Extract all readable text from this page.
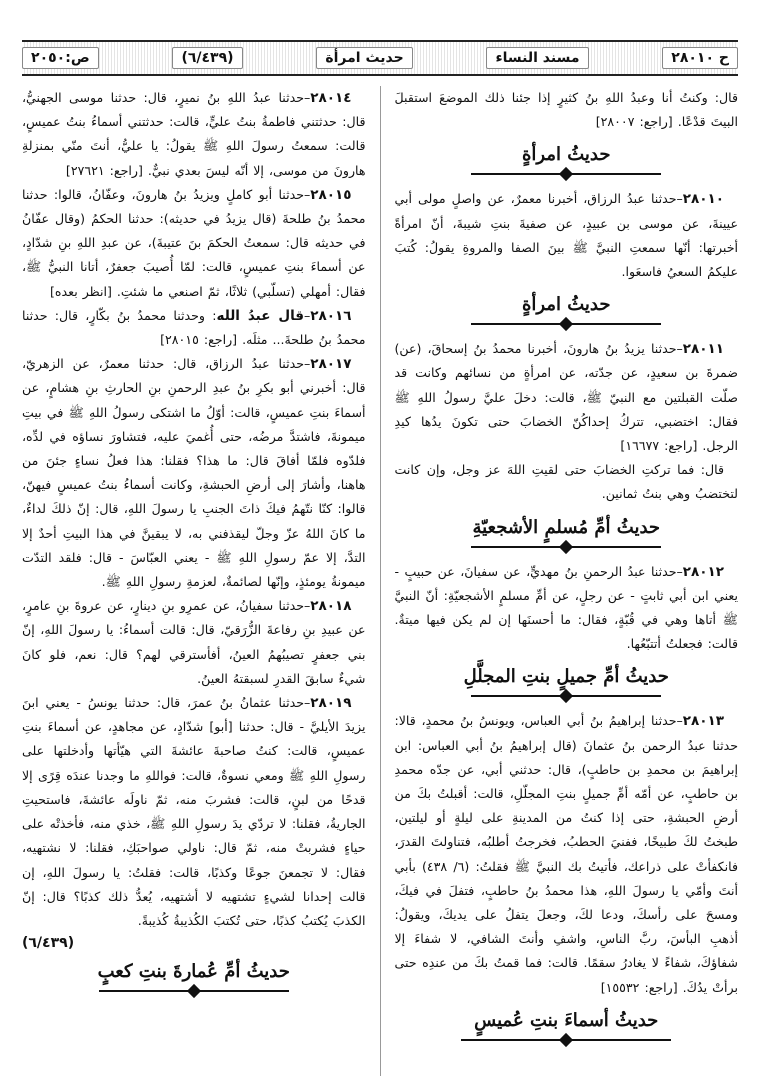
ح ٢٨٠١٠
مسند النساء
حديث امرأة
(٦/٤٣٩)
ص:٢٠٥٠

قال: وكنتُ أنا وعبدُ اللهِ بنُ كثيرٍ إذا جئنا ذلك الموضعَ استقبلَ البيتَ قدْعًا. [راجع: ٢٨٠٠٧]

حديثُ امرأةٍ

٢٨٠١٠–حدثنا عبدُ الرزاق، أخبرنا معمرٌ، عن واصلٍ مولى أبي عيينةَ، عن موسى بن عبيدٍ، عن صفيةَ بنتِ شيبةَ، أنّ امرأةً أخبرتها: أنّها سمعتِ النبيَّ ﷺ بينَ الصفا والمروةِ يقولُ: كُتبَ عليكمُ السعيُ فاسعَوا.

حديثُ امرأةٍ

٢٨٠١١–حدثنا يزيدُ بنُ هارونَ، أخبرنا محمدُ بنُ إسحاقَ، (عن) ضمرةَ بن سعيدٍ، عن جدّته، عن امرأةٍ من نسائهم وكانت قد صلّت القبلتين مع النبيّ ﷺ، قالت: دخلَ عليَّ رسولُ اللهِ ﷺ فقال: اختضبي، تتركُ إحداكُنّ الخضابَ حتى تكونَ يدُها كيدِ الرجل. [راجع: ١٦٦٧٧]

قال: فما تركتِ الخضابَ حتى لقيتِ اللهَ عز وجل، وإن كانت لتختضبُ وهي بنتُ ثمانين.

حديثُ أمِّ مُسلمٍ الأشجعيّةِ

٢٨٠١٢–حدثنا عبدُ الرحمنِ بنُ مهديٍّ، عن سفيانَ، عن حبيبٍ - يعني ابن أبي ثابتٍ - عن رجلٍ، عن أمِّ مسلمٍ الأشجعيّةِ: أنّ النبيَّ ﷺ أتاها وهي في قُبّةٍ، فقال: ما أحسنَها إن لم يكن فيها ميتةٌ. قالت: فجعلتُ أتتبّعُها.

حديثُ أمِّ جميلٍ بنتِ المجلَّلِ

٢٨٠١٣–حدثنا إبراهيمُ بنُ أبي العباس، ويونسُ بنُ محمدٍ، قالا: حدثنا عبدُ الرحمن بنُ عثمانَ (قال إبراهيمُ بنُ أبي العباس: ابن إبراهيمَ بن محمدِ بن حاطبٍ)، قال: حدثني أبي، عن جدّه محمدِ بن حاطبٍ، عن أمّه أمِّ جميلٍ بنتِ المجلّلِ، قالت: أقبلتُ بكَ من أرضِ الحبشةِ، حتى إذا كنتُ من المدينةِ على ليلةٍ أو ليلتين، طبختُ لكَ طبيخًا، ففنيَ الحطبُ، فخرجتُ أطلبُه، فتناولتَ القدرَ، فانكفأتْ على ذراعك، فأتيتُ بك النبيَّ ﷺ فقلتُ: (٦/ ٤٣٨) بأبي أنتَ وأمّي يا رسولَ اللهِ، هذا محمدُ بنُ حاطبٍ، فتفلَ في فيكَ، ومسحَ على رأسكَ، ودعا لكَ، وجعلَ يتفلُ على يديكَ، ويقولُ: أذهبِ البأسَ، ربَّ الناسِ، واشفِ وأنتَ الشافي، لا شفاءَ إلا شفاؤكَ، شفاءً لا يغادرُ سقمًا. قالت: فما قمتُ بكَ من عندِه حتى برأتْ يدُكَ. [راجع: ١٥٥٣٢]

حديثُ أسماءَ بنتِ عُميسٍ

٢٨٠١٤–حدثنا عبدُ اللهِ بنُ نميرٍ، قال: حدثنا موسى الجهنيُّ، قال: حدثتني فاطمةُ بنتُ عليٍّ، قالت: حدثتني أسماءُ بنتُ عميسٍ، قالت: سمعتُ رسولَ اللهِ ﷺ يقولُ: يا عليُّ، أنتَ منّي بمنزلةِ هارونَ من موسى، إلا أنّه ليسَ بعدي نبيٌّ. [راجع: ٢٧٦٢١]

٢٨٠١٥–حدثنا أبو كاملٍ ويزيدُ بنُ هارونَ، وعفّانُ، قالوا: حدثنا محمدُ بنُ طلحةَ (قال يزيدُ في حديثه): حدثنا الحكمُ (وقال عفّانُ في حديثه قال: سمعتُ الحكمَ بنَ عتيبةَ)، عن عبدِ اللهِ بنِ شدّادٍ، عن أسماءَ بنتِ عميسٍ، قالت: لمّا أُصيبَ جعفرٌ، أتانا النبيُّ ﷺ، فقال: أمهلي (تسلّبي) ثلاثًا، ثمّ اصنعي ما شئتِ. [انظر بعده]

٢٨٠١٦–قال عبدُ الله: وحدثنا محمدُ بنُ بكّارٍ، قال: حدثنا محمدُ بنُ طلحةَ... مثلَه. [راجع: ٢٨٠١٥]

٢٨٠١٧–حدثنا عبدُ الرزاق، قال: حدثنا معمرٌ، عن الزهريّ، قال: أخبرني أبو بكرِ بنُ عبدِ الرحمنِ بنِ الحارثِ بنِ هشامٍ، عن أسماءَ بنتِ عميسٍ، قالت: أوّلُ ما اشتكى رسولُ اللهِ ﷺ في بيتِ ميمونةَ، فاشتدَّ مرضُه، حتى أُغميَ عليه، فتشاورَ نساؤه في لدِّه، فلدّوه فلمّا أفاقَ قال: ما هذا؟ فقلنا: هذا فعلُ نساءٍ جئنَ من هاهنا، وأشارَ إلى أرضِ الحبشةِ، وكانت أسماءُ بنتُ عميسٍ فيهنّ، قالوا: كنّا نتّهمُ فيكَ ذاتَ الجنبِ يا رسولَ اللهِ، قال: إنّ ذلكَ لداءٌ، ما كانَ اللهُ عزّ وجلّ ليقذفني به، لا يبقينَّ في هذا البيتِ أحدٌ إلا التدَّ، إلا عمّ رسولِ اللهِ ﷺ - يعني العبّاسَ - قال: فلقد التدّت ميمونةُ يومئذٍ، وإنّها لصائمةٌ، لعزمةِ رسولِ اللهِ ﷺ.

٢٨٠١٨–حدثنا سفيانُ، عن عمرِو بنِ دينارٍ، عن عروةَ بنِ عامرٍ، عن عبيدِ بنِ رفاعةَ الزُّرَقيّ، قال: قالت أسماءُ: يا رسولَ اللهِ، إنّ بني جعفرٍ تصيبُهمُ العينُ، أفأسترقي لهم؟ قال: نعم، فلو كانَ شيءٌ سابقَ القدرِ لسبقتهُ العينُ.

٢٨٠١٩–حدثنا عثمانُ بنُ عمرَ، قال: حدثنا يونسُ - يعني ابنَ يزيدَ الأيليَّ - قال: حدثنا [أبو] شدّادٍ، عن مجاهدٍ، عن أسماءَ بنتِ عميسٍ، قالت: كنتُ صاحبةَ عائشةَ التي هيّأتها وأدخلتها على رسولِ اللهِ ﷺ ومعي نسوةٌ، قالت: فواللهِ ما وجدنا عندَه قِرًى إلا قدحًا من لبنٍ، قالت: فشربَ منه، ثمّ ناولَه عائشةَ، فاستحيتِ الجاريةُ، فقلنا: لا تردّي يدَ رسولِ اللهِ ﷺ، خذي منه، فأخذتْه على حياءٍ فشربتْ منه، ثمّ قال: ناولي صواحبَكِ، فقلنا: لا نشتهيه، فقال: لا تجمعنَ جوعًا وكذبًا، قالت: فقلتُ: يا رسولَ اللهِ، إن قالت إحدانا لشيءٍ تشتهيه لا أشتهيه، يُعدُّ ذلك كذبًا؟ قال: إنّ الكذبَ يُكتبُ كذبًا، حتى تُكتبَ الكُذيبةُ كُذيبةً.

(٦/٤٣٩)
حديثُ أمِّ عُمارةَ بنتِ كعبٍ
